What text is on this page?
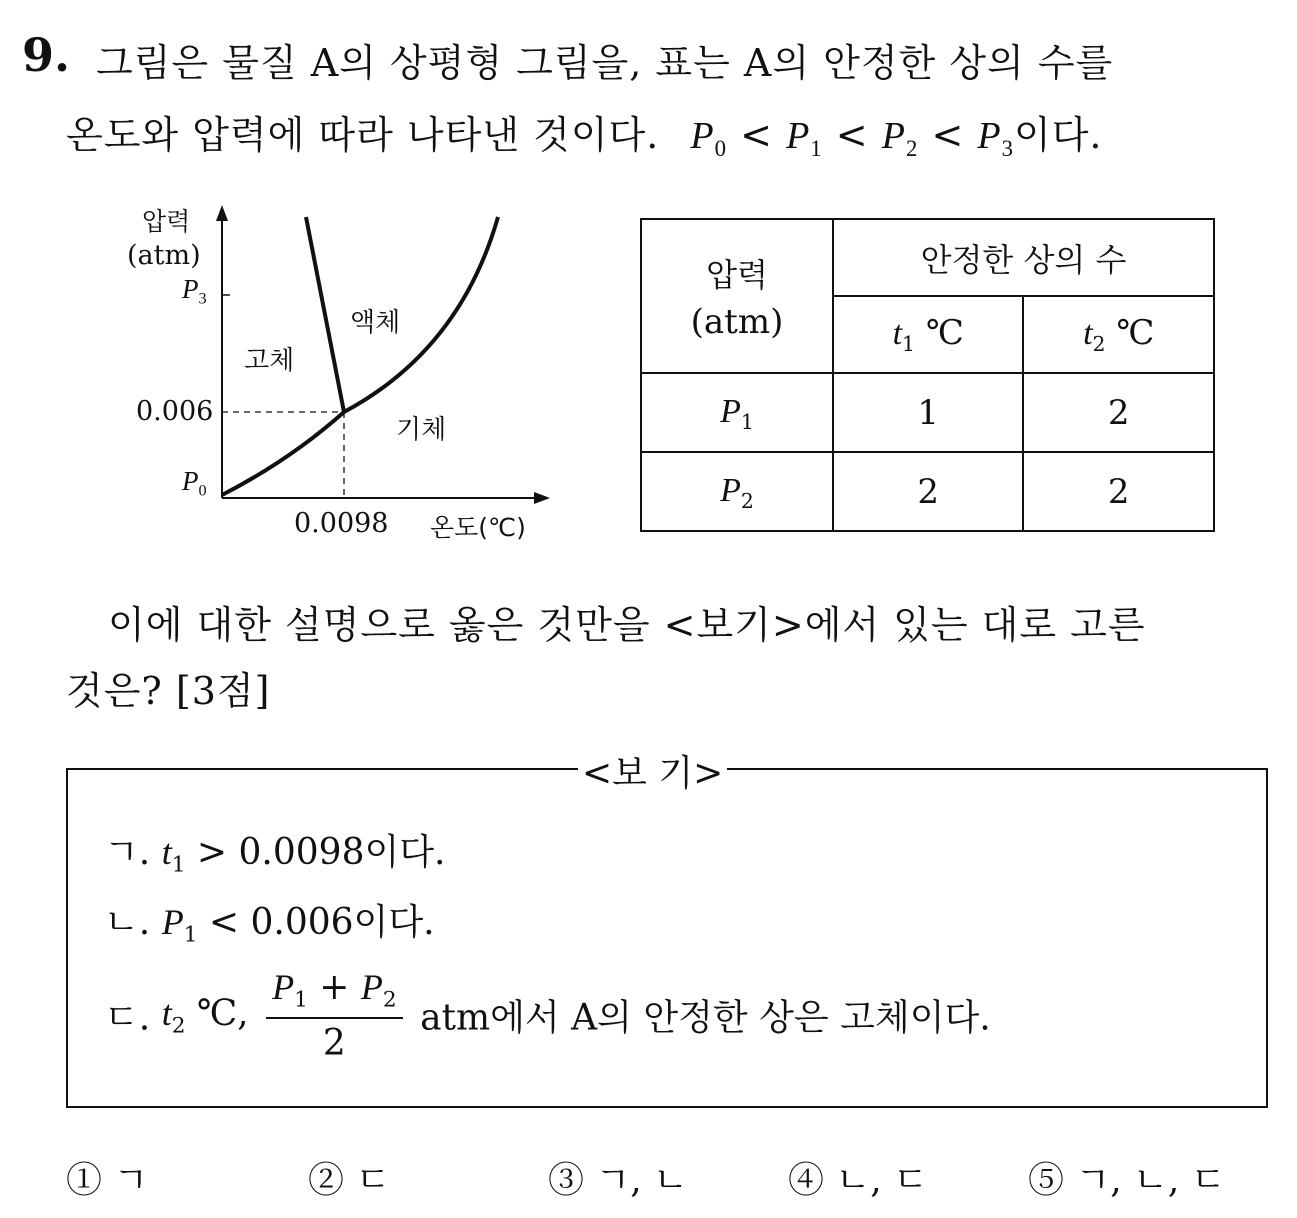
9. 그림은 물질 A의 상평형 그림을, 표는 A의 안정한 상의 수를
온도와 압력에 따라 나타낸 것이다. $P_0 < P_1 < P_2 < P_3$이다.
압력
(atm)
$P_3$
0.006
$P_0$
0.0098 온도(℃)
고체
액체
기체
압력
(atm)	안정한 상의 수	
	$t_1$ ℃	$t_2$ ℃
$P_1$	1	2
$P_2$	2	2
이에 대한 설명으로 옳은 것만을 <보기>에서 있는 대로 고른
것은? [3점]
<보 기>
ㄱ. $t_1 > 0.0098$이다.
ㄴ. $P_1 < 0.006$이다.
ㄷ. $t_2$ ℃, $\frac{P_1 + P_2}{2}$ atm에서 A의 안정한 상은 고체이다.
① ㄱ	② ㄷ	③ ㄱ, ㄴ	④ ㄴ, ㄷ	⑤ ㄱ, ㄴ, ㄷ
